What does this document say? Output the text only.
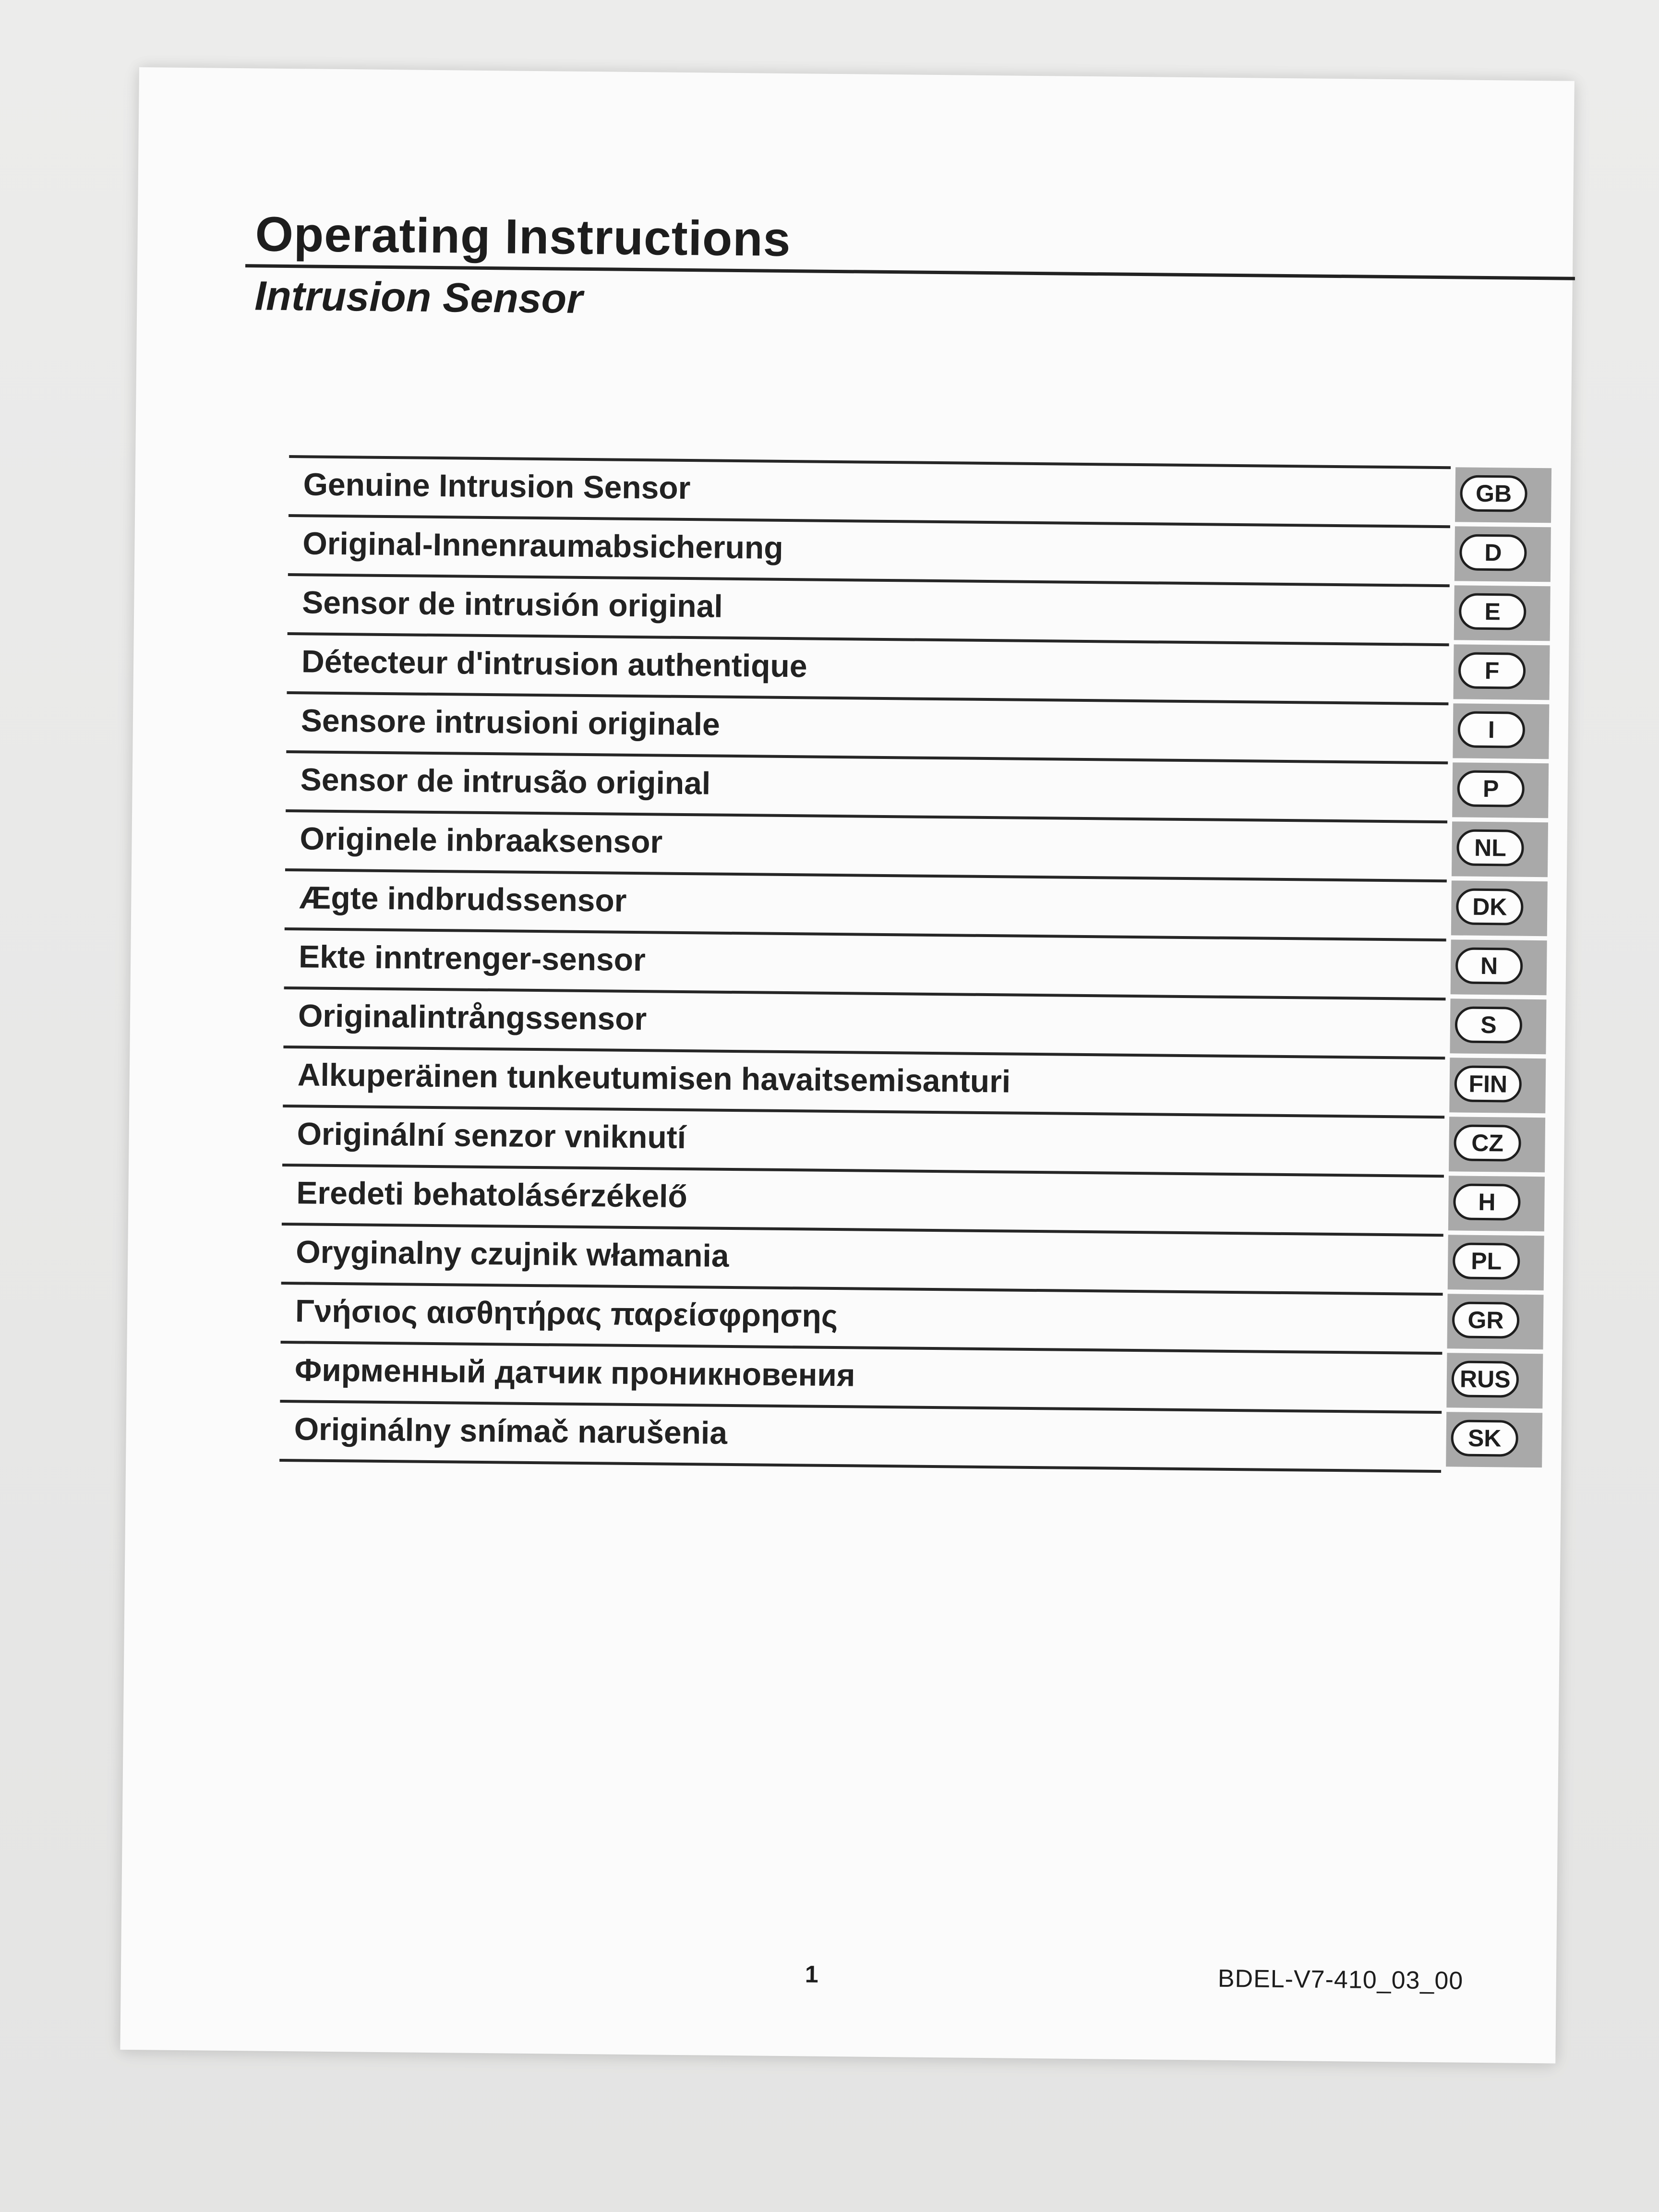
Operating Instructions
Intrusion Sensor
Genuine Intrusion Sensor	GB
Original-Innenraumabsicherung	D
Sensor de intrusión original	E
Détecteur d'intrusion authentique	F
Sensore intrusioni originale	I
Sensor de intrusão original	P
Originele inbraaksensor	NL
Ægte indbrudssensor	DK
Ekte inntrenger-sensor	N
Originalintrångssensor	S
Alkuperäinen tunkeutumisen havaitsemisanturi	FIN
Originální senzor vniknutí	CZ
Eredeti behatolásérzékelő	H
Oryginalny czujnik włamania	PL
Γνήσιος αισθητήρας παρείσφρησης	GR
Фирменный датчик проникновения	RUS
Originálny snímač narušenia	SK
1	BDEL-V7-410_03_00
